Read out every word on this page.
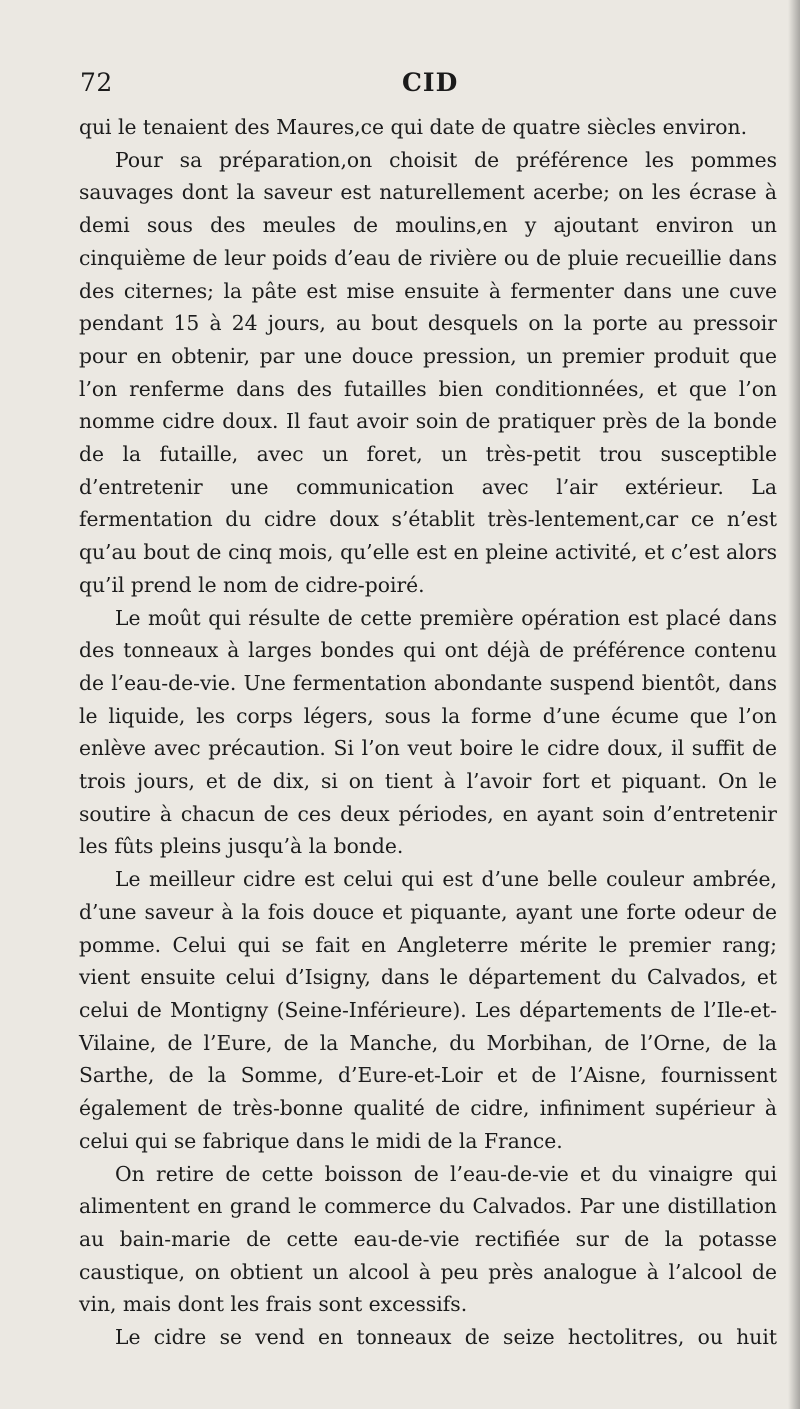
72	CID

qui le tenaient des Maures,ce qui date de quatre siècles environ.

Pour sa préparation,on choisit de préférence les pommes sauvages dont la saveur est naturellement acerbe; on les écrase à demi sous des meules de moulins,en y ajoutant environ un cinquième de leur poids d’eau de rivière ou de pluie recueillie dans des citernes; la pâte est mise ensuite à fermenter dans une cuve pendant 15 à 24 jours, au bout desquels on la porte au pressoir pour en obtenir, par une douce pression, un premier produit que l’on renferme dans des futailles bien conditionnées, et que l’on nomme cidre doux. Il faut avoir soin de pratiquer près de la bonde de la futaille, avec un foret, un très-petit trou susceptible d’entretenir une communication avec l’air extérieur. La fermentation du cidre doux s’établit très-lentement,car ce n’est qu’au bout de cinq mois, qu’elle est en pleine activité, et c’est alors qu’il prend le nom de cidre-poiré.

Le moût qui résulte de cette première opération est placé dans des tonneaux à larges bondes qui ont déjà de préférence contenu de l’eau-de-vie. Une fermentation abondante suspend bientôt, dans le liquide, les corps légers, sous la forme d’une écume que l’on enlève avec précaution. Si l’on veut boire le cidre doux, il suffit de trois jours, et de dix, si on tient à l’avoir fort et piquant. On le soutire à chacun de ces deux périodes, en ayant soin d’entretenir les fûts pleins jusqu’à la bonde.

Le meilleur cidre est celui qui est d’une belle couleur ambrée, d’une saveur à la fois douce et piquante, ayant une forte odeur de pomme. Celui qui se fait en Angleterre mérite le premier rang; vient ensuite celui d’Isigny, dans le département du Calvados, et celui de Montigny (Seine-Inférieure). Les départements de l’Ile-et-Vilaine, de l’Eure, de la Manche, du Morbihan, de l’Orne, de la Sarthe, de la Somme, d’Eure-et-Loir et de l’Aisne, fournissent également de très-bonne qualité de cidre, infiniment supérieur à celui qui se fabrique dans le midi de la France.

On retire de cette boisson de l’eau-de-vie et du vinaigre qui alimentent en grand le commerce du Calvados. Par une distillation au bain-marie de cette eau-de-vie rectifiée sur de la potasse caustique, on obtient un alcool à peu près analogue à l’alcool de vin, mais dont les frais sont excessifs.

Le cidre se vend en tonneaux de seize hectolitres, ou huit
